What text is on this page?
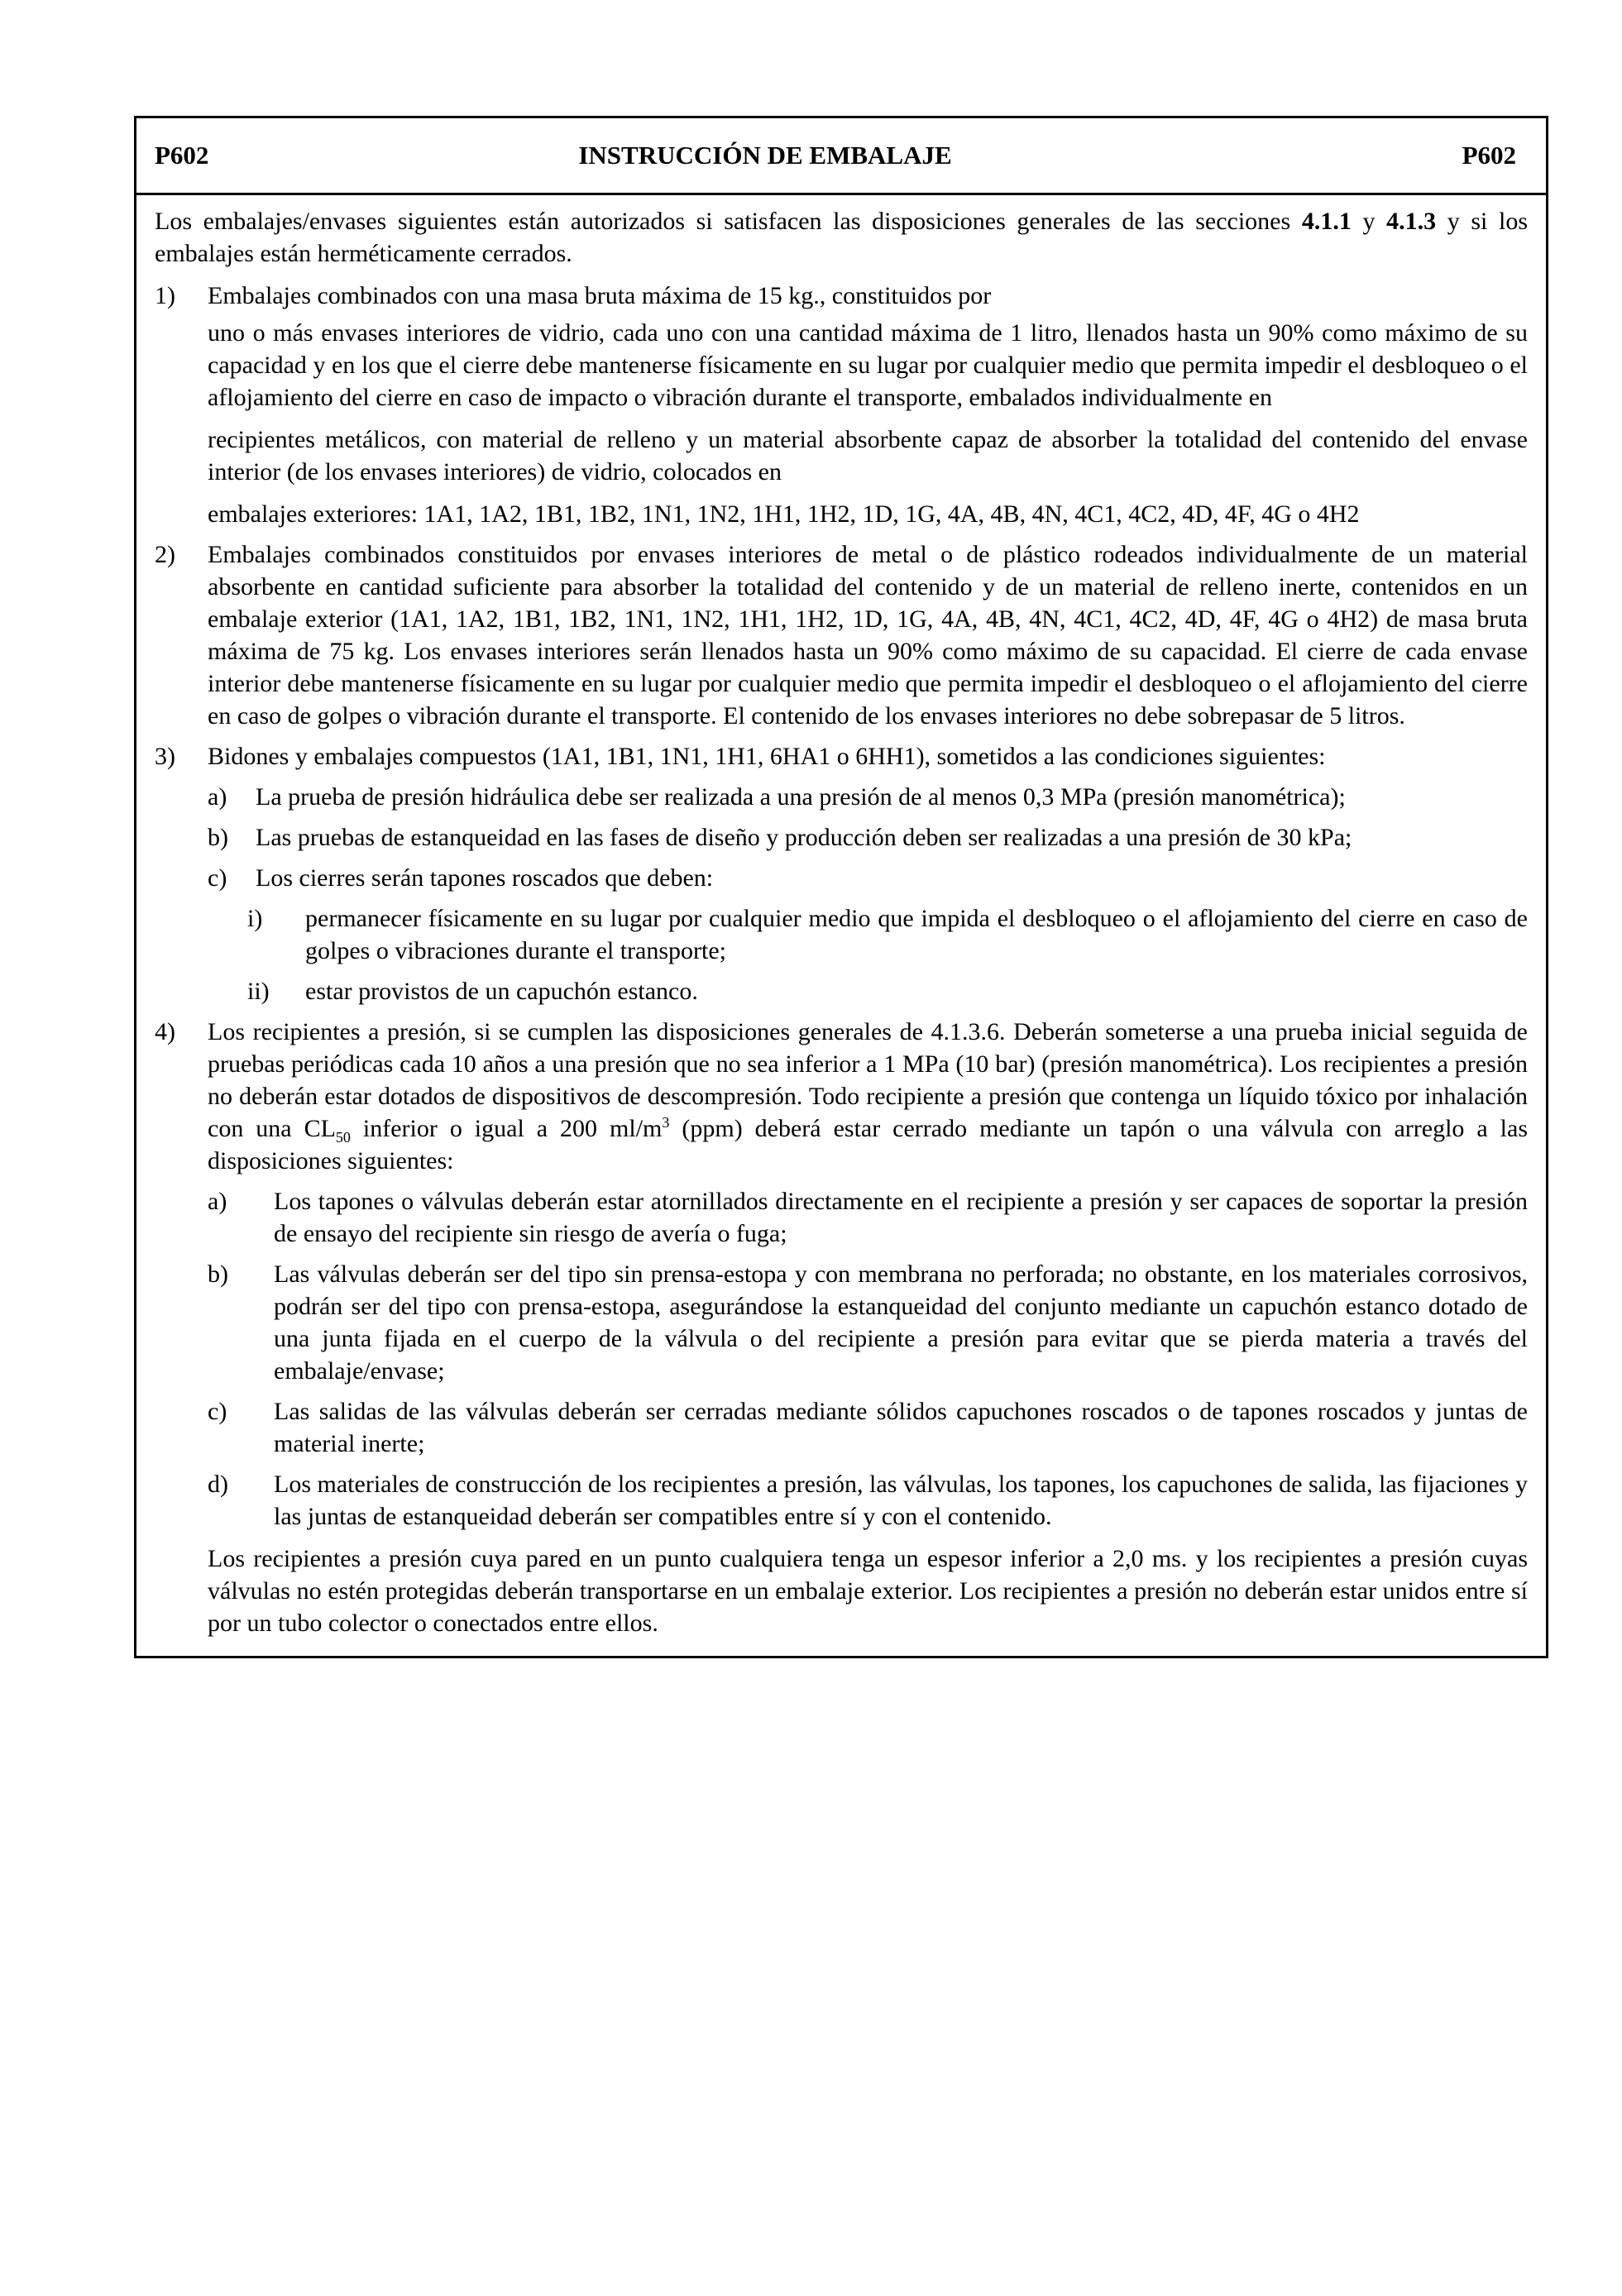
P602	INSTRUCCIÓN DE EMBALAJE	P602

Los embalajes/envases siguientes están autorizados si satisfacen las disposiciones generales de las secciones 4.1.1 y 4.1.3 y si los embalajes están herméticamente cerrados.

1)	Embalajes combinados con una masa bruta máxima de 15 kg., constituidos por

uno o más envases interiores de vidrio, cada uno con una cantidad máxima de 1 litro, llenados hasta un 90% como máximo de su capacidad y en los que el cierre debe mantenerse físicamente en su lugar por cualquier medio que permita impedir el desbloqueo o el aflojamiento del cierre en caso de impacto o vibración durante el transporte, embalados individualmente en

recipientes metálicos, con material de relleno y un material absorbente capaz de absorber la totalidad del contenido del envase interior (de los envases interiores) de vidrio, colocados en

embalajes exteriores: 1A1, 1A2, 1B1, 1B2, 1N1, 1N2, 1H1, 1H2, 1D, 1G, 4A, 4B, 4N, 4C1, 4C2, 4D, 4F, 4G o 4H2

2)	Embalajes combinados constituidos por envases interiores de metal o de plástico rodeados individualmente de un material absorbente en cantidad suficiente para absorber la totalidad del contenido y de un material de relleno inerte, contenidos en un embalaje exterior (1A1, 1A2, 1B1, 1B2, 1N1, 1N2, 1H1, 1H2, 1D, 1G, 4A, 4B, 4N, 4C1, 4C2, 4D, 4F, 4G o 4H2) de masa bruta máxima de 75 kg. Los envases interiores serán llenados hasta un 90% como máximo de su capacidad. El cierre de cada envase interior debe mantenerse físicamente en su lugar por cualquier medio que permita impedir el desbloqueo o el aflojamiento del cierre en caso de golpes o vibración durante el transporte. El contenido de los envases interiores no debe sobrepasar de 5 litros.

3)	Bidones y embalajes compuestos (1A1, 1B1, 1N1, 1H1, 6HA1 o 6HH1), sometidos a las condiciones siguientes:

a)	La prueba de presión hidráulica debe ser realizada a una presión de al menos 0,3 MPa (presión manométrica);
b)	Las pruebas de estanqueidad en las fases de diseño y producción deben ser realizadas a una presión de 30 kPa;
c)	Los cierres serán tapones roscados que deben:
i)	permanecer físicamente en su lugar por cualquier medio que impida el desbloqueo o el aflojamiento del cierre en caso de golpes o vibraciones durante el transporte;
ii)	estar provistos de un capuchón estanco.
4)	Los recipientes a presión, si se cumplen las disposiciones generales de 4.1.3.6. Deberán someterse a una prueba inicial seguida de pruebas periódicas cada 10 años a una presión que no sea inferior a 1 MPa (10 bar) (presión manométrica). Los recipientes a presión no deberán estar dotados de dispositivos de descompresión. Todo recipiente a presión que contenga un líquido tóxico por inhalación con una $CL_{50}$ inferior o igual a 200 $ml/m^3$ (ppm) deberá estar cerrado mediante un tapón o una válvula con arreglo a las disposiciones siguientes:

a)	Los tapones o válvulas deberán estar atornillados directamente en el recipiente a presión y ser capaces de soportar la presión de ensayo del recipiente sin riesgo de avería o fuga;
b)	Las válvulas deberán ser del tipo sin prensa-estopa y con membrana no perforada; no obstante, en los materiales corrosivos, podrán ser del tipo con prensa-estopa, asegurándose la estanqueidad del conjunto mediante un capuchón estanco dotado de una junta fijada en el cuerpo de la válvula o del recipiente a presión para evitar que se pierda materia a través del embalaje/envase;
c)	Las salidas de las válvulas deberán ser cerradas mediante sólidos capuchones roscados o de tapones roscados y juntas de material inerte;
d)	Los materiales de construcción de los recipientes a presión, las válvulas, los tapones, los capuchones de salida, las fijaciones y las juntas de estanqueidad deberán ser compatibles entre sí y con el contenido.

Los recipientes a presión cuya pared en un punto cualquiera tenga un espesor inferior a 2,0 ms. y los recipientes a presión cuyas válvulas no estén protegidas deberán transportarse en un embalaje exterior. Los recipientes a presión no deberán estar unidos entre sí por un tubo colector o conectados entre ellos.
